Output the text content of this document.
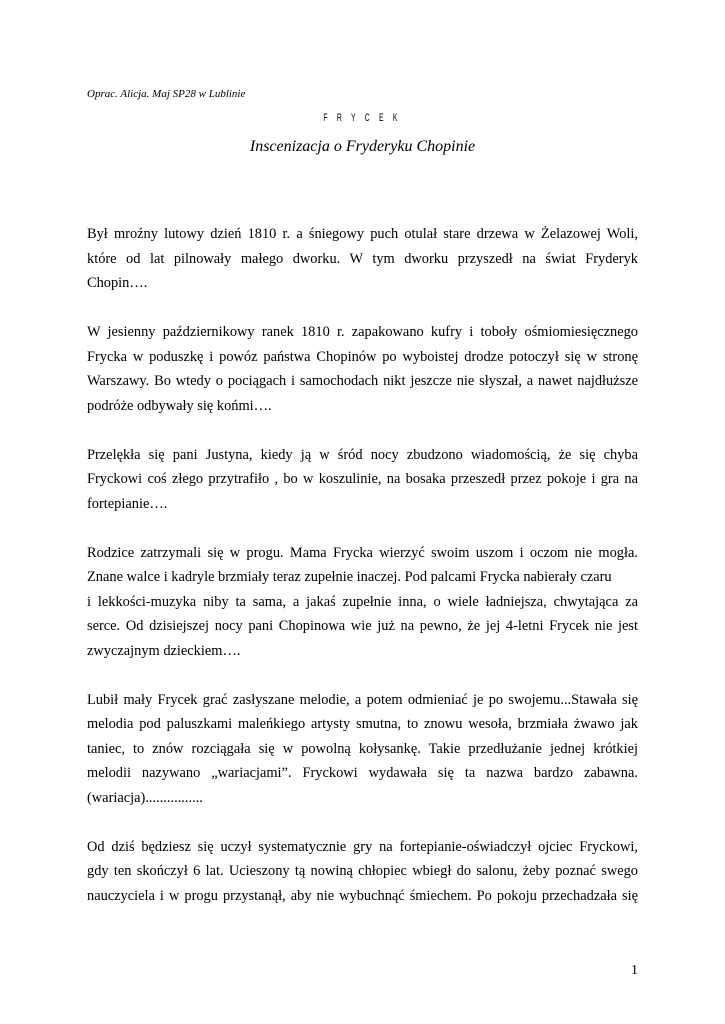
Oprac. Alicja. Maj SP28 w Lublinie
F R Y C E K
Inscenizacja o Fryderyku Chopinie
Był mroźny lutowy dzień 1810 r. a śniegowy puch otulał stare drzewa w Żelazowej Woli,
które od lat pilnowały małego dworku. W tym dworku przyszedł na świat Fryderyk
Chopin….
W jesienny październikowy ranek 1810 r. zapakowano kufry i toboły ośmiomiesięcznego
Frycka w poduszkę i powóz państwa Chopinów po wyboistej drodze potoczył się w stronę
Warszawy. Bo wtedy o pociągach i samochodach nikt jeszcze nie słyszał, a nawet najdłuższe
podróże odbywały się końmi….
Przelękła się pani Justyna, kiedy ją w śród nocy zbudzono wiadomością, że się chyba
Fryckowi coś złego przytrafiło , bo w koszulinie, na bosaka przeszedł przez pokoje i gra na
fortepianie….
Rodzice zatrzymali się w progu. Mama Frycka wierzyć swoim uszom i oczom nie mogła.
Znane walce i kadryle brzmiały teraz zupełnie inaczej. Pod palcami Frycka nabierały czaru
i lekkości-muzyka niby ta sama, a jakaś zupełnie inna, o wiele ładniejsza, chwytająca za
serce. Od dzisiejszej nocy pani Chopinowa wie już na pewno, że jej 4-letni Frycek nie jest
zwyczajnym dzieckiem….
Lubił mały Frycek grać zasłyszane melodie, a potem odmieniać je po swojemu...Stawała się
melodia pod paluszkami maleńkiego artysty smutna, to znowu wesoła, brzmiała żwawo jak
taniec, to znów rozciągała się w powolną kołysankę. Takie przedłużanie jednej krótkiej
melodii nazywano „wariacjami”. Fryckowi wydawała się ta nazwa bardzo zabawna.
(wariacja)................
Od dziś będziesz się uczył systematycznie gry na fortepianie-oświadczył ojciec Fryckowi,
gdy ten skończył 6 lat. Ucieszony tą nowiną chłopiec wbiegł do salonu, żeby poznać swego
nauczyciela i w progu przystanął, aby nie wybuchnąć śmiechem. Po pokoju przechadzała się
1
